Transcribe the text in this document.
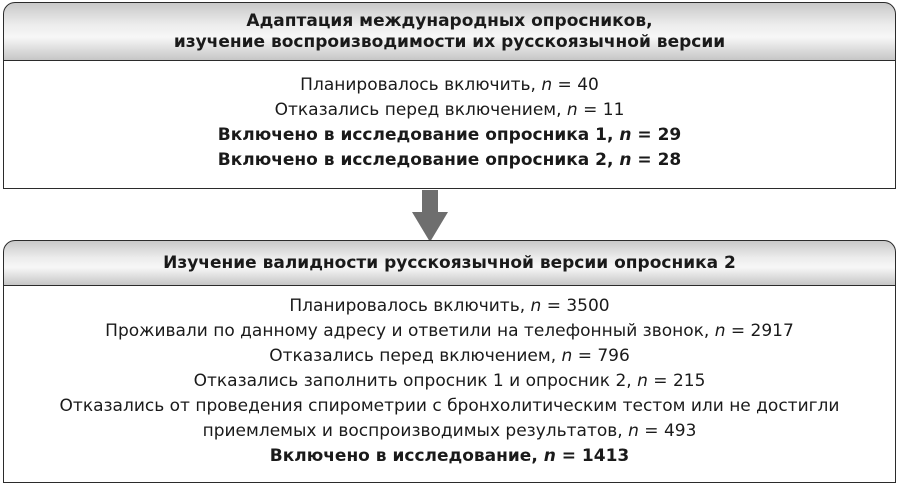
Адаптация международных опросников,
изучение воспроизводимости их русскоязычной версии
Планировалось включить, n = 40
Отказались перед включением, n = 11
Включено в исследование опросника 1, n = 29
Включено в исследование опросника 2, n = 28
Изучение валидности русскоязычной версии опросника 2
Планировалось включить, n = 3500
Проживали по данному адресу и ответили на телефонный звонок, n = 2917
Отказались перед включением, n = 796
Отказались заполнить опросник 1 и опросник 2, n = 215
Отказались от проведения спирометрии с бронхолитическим тестом или не достигли
приемлемых и воспроизводимых результатов, n = 493
Включено в исследование, n = 1413
